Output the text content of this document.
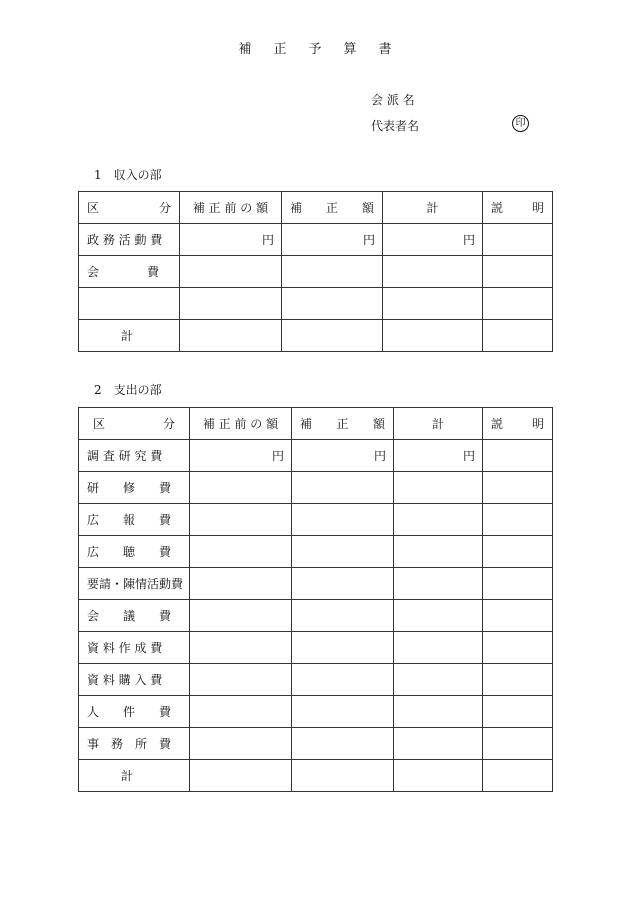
補 正 予 算 書
会 派 名
代表者名	印
1　収入の部
区 分	補 正 前 の 額	補 正 額	計	説 明

政 務 活 動 費	円	円	円	
会　　　　費				

計				
2　支出の部
区 分	補 正 前 の 額	補 正 額	計	説 明

調 査 研 究 費	円	円	円	
研　　修　　費				
広　　報　　費				
広　　聴　　費				
要請・陳情活動費				
会　　議　　費				
資 料 作 成 費				
資 料 購 入 費				
人　　件　　費				
事　務　所　費				
計				
